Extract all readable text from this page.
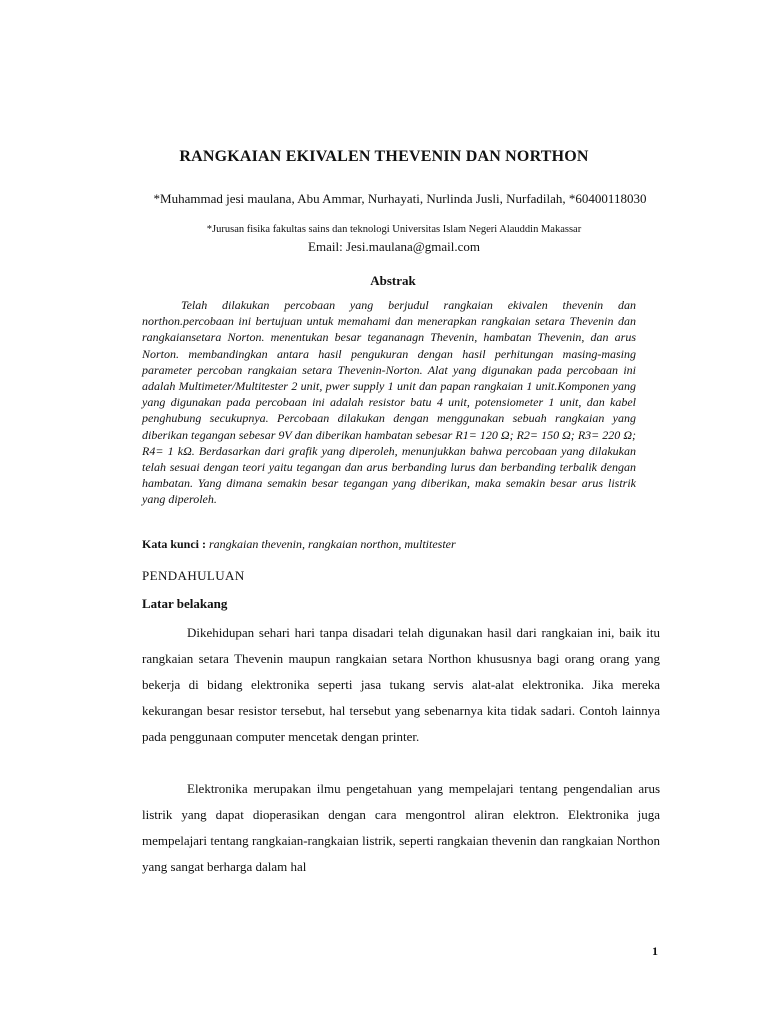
RANGKAIAN EKIVALEN THEVENIN DAN NORTHON
*Muhammad jesi maulana, Abu Ammar, Nurhayati, Nurlinda Jusli, Nurfadilah, *60400118030
*Jurusan fisika fakultas sains dan teknologi Universitas Islam Negeri Alauddin Makassar
Email: Jesi.maulana@gmail.com
Abstrak
Telah dilakukan percobaan yang berjudul rangkaian ekivalen thevenin dan northon.percobaan ini bertujuan untuk memahami dan menerapkan rangkaian setara Thevenin dan rangkaiansetara Norton. menentukan besar tegananagn Thevenin, hambatan Thevenin, dan arus Norton. membandingkan antara hasil pengukuran dengan hasil perhitungan masing-masing parameter percoban rangkaian setara Thevenin-Norton. Alat yang digunakan pada percobaan ini adalah Multimeter/Multitester 2 unit, pwer supply 1 unit dan papan rangkaian 1 unit.Komponen yang yang digunakan pada percobaan ini adalah resistor batu 4 unit, potensiometer 1 unit, dan kabel penghubung secukupnya. Percobaan dilakukan dengan menggunakan sebuah rangkaian yang diberikan tegangan sebesar 9V dan diberikan hambatan sebesar R1= 120 Ω; R2= 150 Ω; R3= 220 Ω; R4= 1 kΩ. Berdasarkan dari grafik yang diperoleh, menunjukkan bahwa percobaan yang dilakukan telah sesuai dengan teori yaitu tegangan dan arus berbanding lurus dan berbanding terbalik dengan hambatan. Yang dimana semakin besar tegangan yang diberikan, maka semakin besar arus listrik yang diperoleh.
Kata kunci : rangkaian thevenin, rangkaian northon, multitester
PENDAHULUAN
Latar belakang
Dikehidupan sehari hari tanpa disadari telah digunakan hasil dari rangkaian ini, baik itu rangkaian setara Thevenin maupun rangkaian setara Northon khususnya bagi orang orang yang bekerja di bidang elektronika seperti jasa tukang servis alat-alat elektronika. Jika mereka kekurangan besar resistor tersebut, hal tersebut yang sebenarnya kita tidak sadari. Contoh lainnya pada penggunaan computer mencetak dengan printer.
Elektronika merupakan ilmu pengetahuan yang mempelajari tentang pengendalian arus listrik yang dapat dioperasikan dengan cara mengontrol aliran elektron. Elektronika juga mempelajari tentang rangkaian-rangkaian listrik, seperti rangkaian thevenin dan rangkaian Northon yang sangat berharga dalam hal
1
